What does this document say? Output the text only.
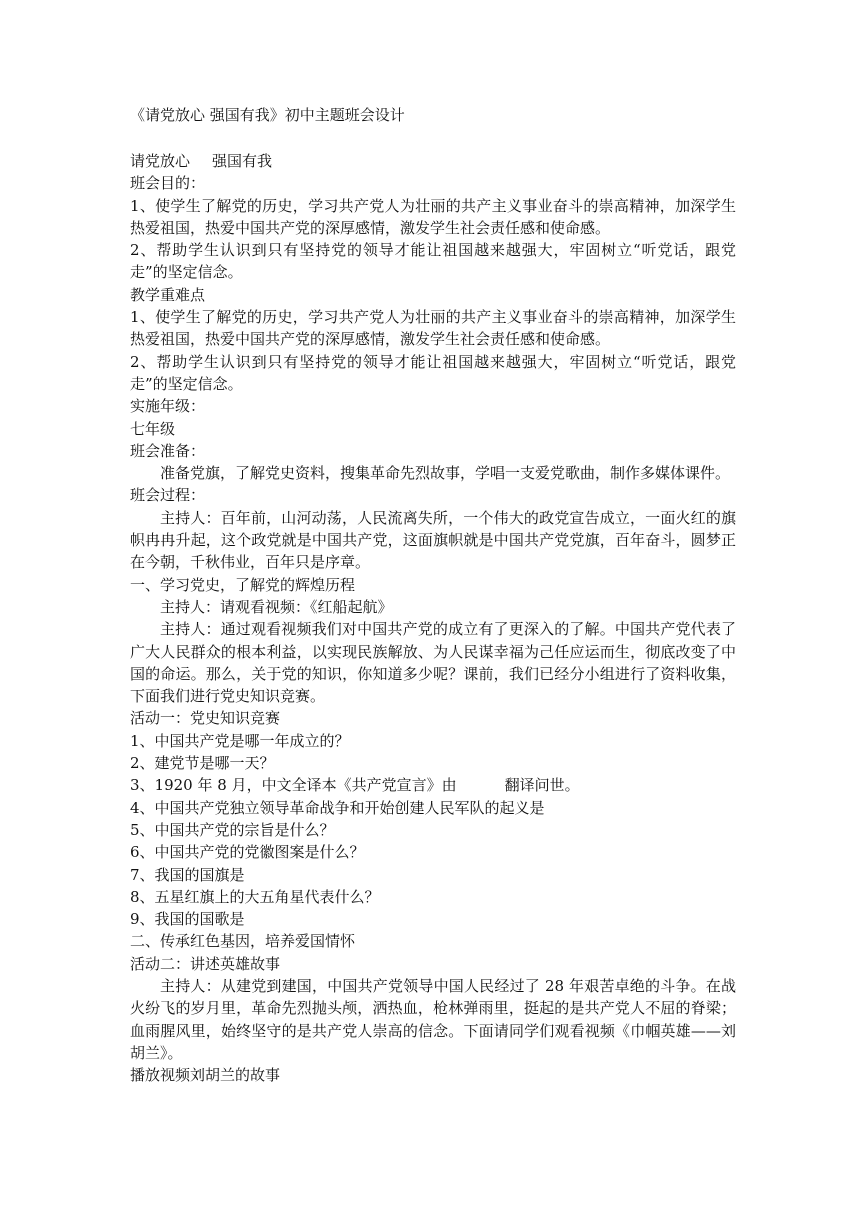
《请党放心 强国有我》初中主题班会设计

请党放心 强国有我

班会目的：

1、使学生了解党的历史，学习共产党人为壮丽的共产主义事业奋斗的崇高精神，加深学生热爱祖国，热爱中国共产党的深厚感情，激发学生社会责任感和使命感。

2、帮助学生认识到只有坚持党的领导才能让祖国越来越强大，牢固树立“听党话，跟党走”的坚定信念。

教学重难点

1、使学生了解党的历史，学习共产党人为壮丽的共产主义事业奋斗的崇高精神，加深学生热爱祖国，热爱中国共产党的深厚感情，激发学生社会责任感和使命感。

2、帮助学生认识到只有坚持党的领导才能让祖国越来越强大，牢固树立“听党话，跟党走”的坚定信念。

实施年级：

七年级

班会准备：

准备党旗，了解党史资料，搜集革命先烈故事，学唱一支爱党歌曲，制作多媒体课件。

班会过程：

主持人：百年前，山河动荡，人民流离失所，一个伟大的政党宣告成立，一面火红的旗帜冉冉升起，这个政党就是中国共产党，这面旗帜就是中国共产党党旗，百年奋斗，圆梦正在今朝，千秋伟业，百年只是序章。

一、学习党史，了解党的辉煌历程

主持人：请观看视频：《红船起航》

主持人：通过观看视频我们对中国共产党的成立有了更深入的了解。中国共产党代表了广大人民群众的根本利益，以实现民族解放、为人民谋幸福为己任应运而生，彻底改变了中国的命运。那么，关于党的知识，你知道多少呢？课前，我们已经分小组进行了资料收集，下面我们进行党史知识竞赛。

活动一：党史知识竞赛

1、中国共产党是哪一年成立的？

2、建党节是哪一天？

3、1920 年 8 月，中文全译本《共产党宣言》由	翻译问世。

4、中国共产党独立领导革命战争和开始创建人民军队的起义是

5、中国共产党的宗旨是什么？

6、中国共产党的党徽图案是什么？

7、我国的国旗是

8、五星红旗上的大五角星代表什么？

9、我国的国歌是

二、传承红色基因，培养爱国情怀

活动二：讲述英雄故事

主持人：从建党到建国，中国共产党领导中国人民经过了 28 年艰苦卓绝的斗争。在战火纷飞的岁月里，革命先烈抛头颅，洒热血，枪林弹雨里，挺起的是共产党人不屈的脊梁；血雨腥风里，始终坚守的是共产党人崇高的信念。下面请同学们观看视频《巾帼英雄——刘胡兰》。

播放视频刘胡兰的故事
